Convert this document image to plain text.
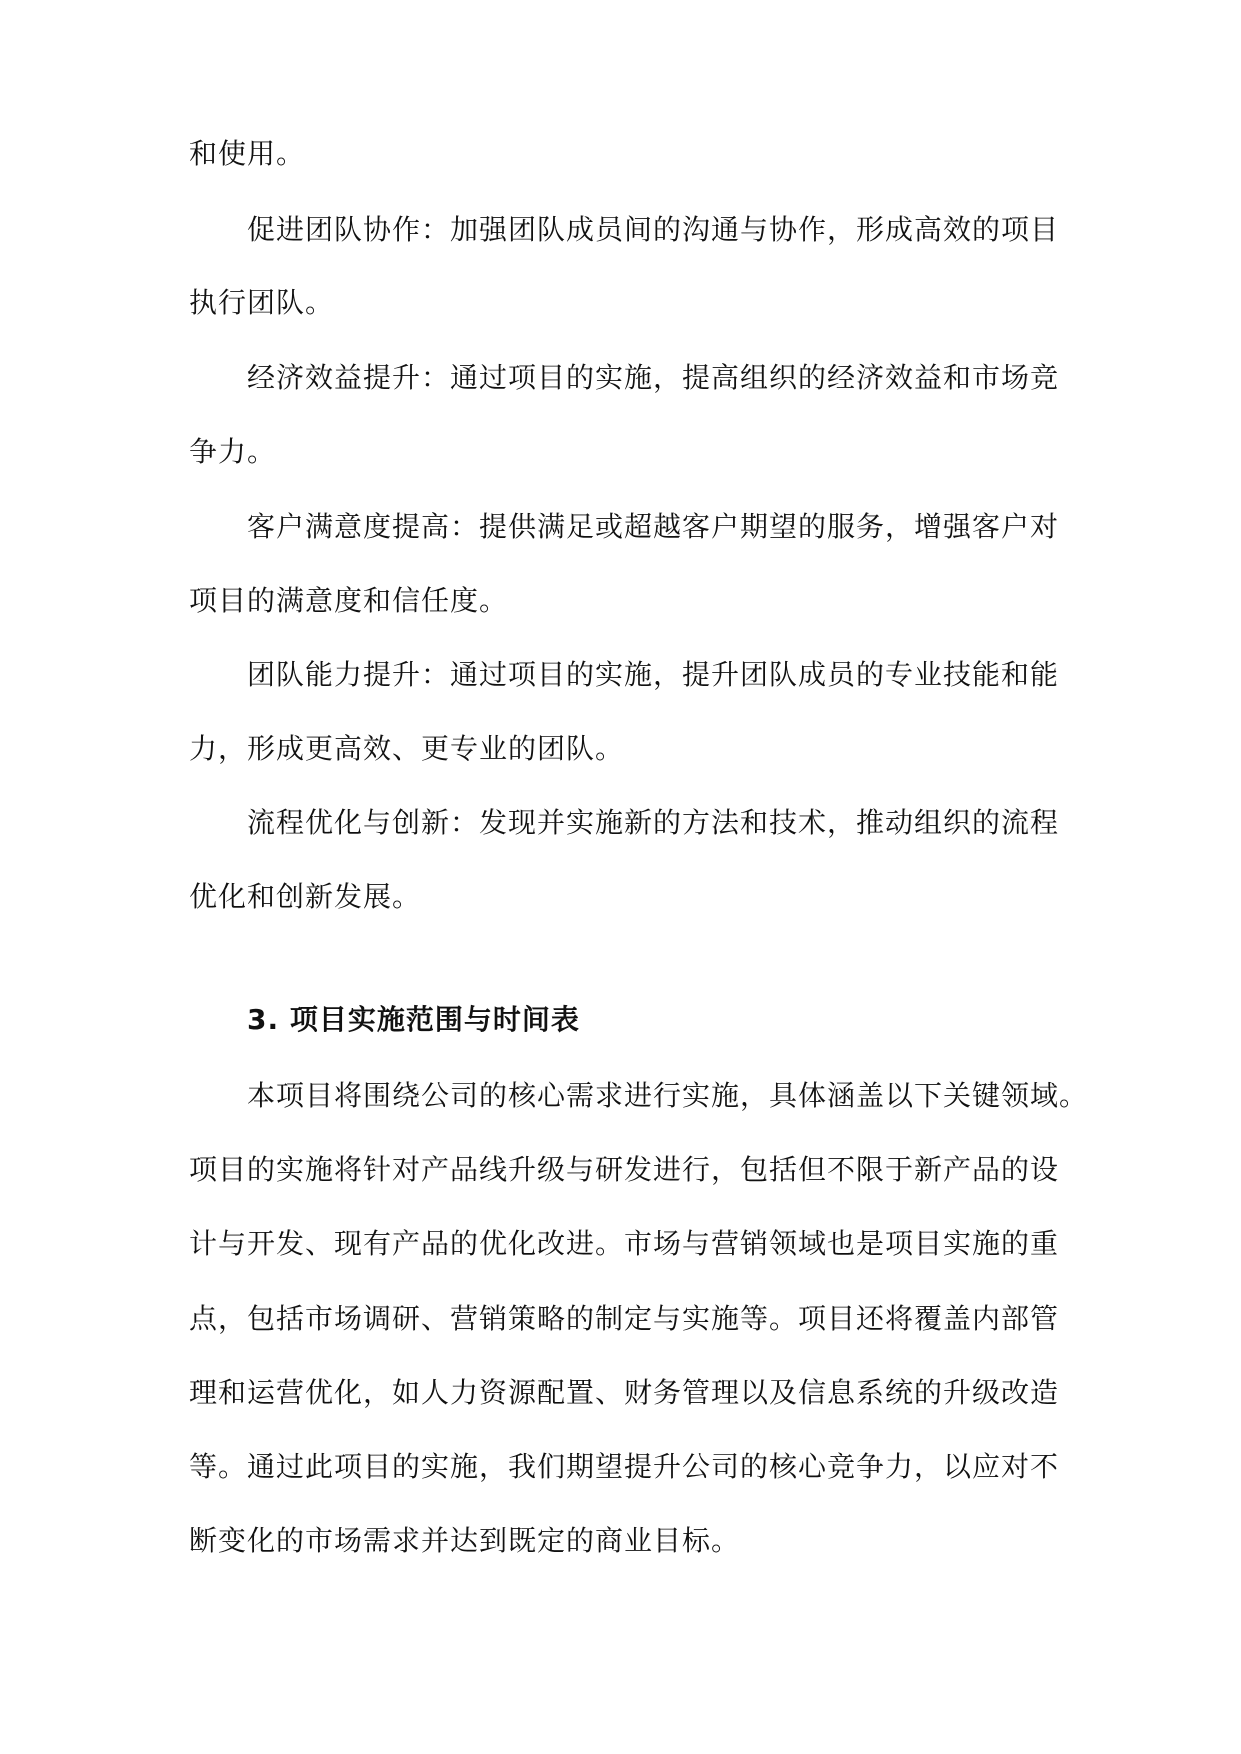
和使用。
促进团队协作：加强团队成员间的沟通与协作，形成高效的项目
执行团队。
经济效益提升：通过项目的实施，提高组织的经济效益和市场竞
争力。
客户满意度提高：提供满足或超越客户期望的服务，增强客户对
项目的满意度和信任度。
团队能力提升：通过项目的实施，提升团队成员的专业技能和能
力，形成更高效、更专业的团队。
流程优化与创新：发现并实施新的方法和技术，推动组织的流程
优化和创新发展。
3. 项目实施范围与时间表
本项目将围绕公司的核心需求进行实施，具体涵盖以下关键领域。
项目的实施将针对产品线升级与研发进行，包括但不限于新产品的设
计与开发、现有产品的优化改进。市场与营销领域也是项目实施的重
点，包括市场调研、营销策略的制定与实施等。项目还将覆盖内部管
理和运营优化，如人力资源配置、财务管理以及信息系统的升级改造
等。通过此项目的实施，我们期望提升公司的核心竞争力，以应对不
断变化的市场需求并达到既定的商业目标。
